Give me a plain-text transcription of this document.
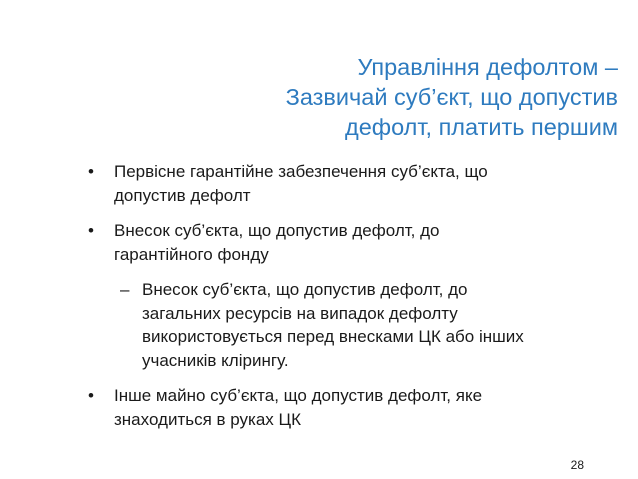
Управління дефолтом –
Зазвичай суб’єкт, що допустив
дефолт, платить першим
•	Первісне гарантійне забезпечення суб’єкта, що
допустив дефолт
•	Внесок суб’єкта, що допустив дефолт, до
гарантійного фонду
– Внесок суб’єкта, що допустив дефолт, до
загальних ресурсів на випадок дефолту
використовується перед внесками ЦК або інших
учасників клірингу.
•	Інше майно суб’єкта, що допустив дефолт, яке
знаходиться в руках ЦК
28
